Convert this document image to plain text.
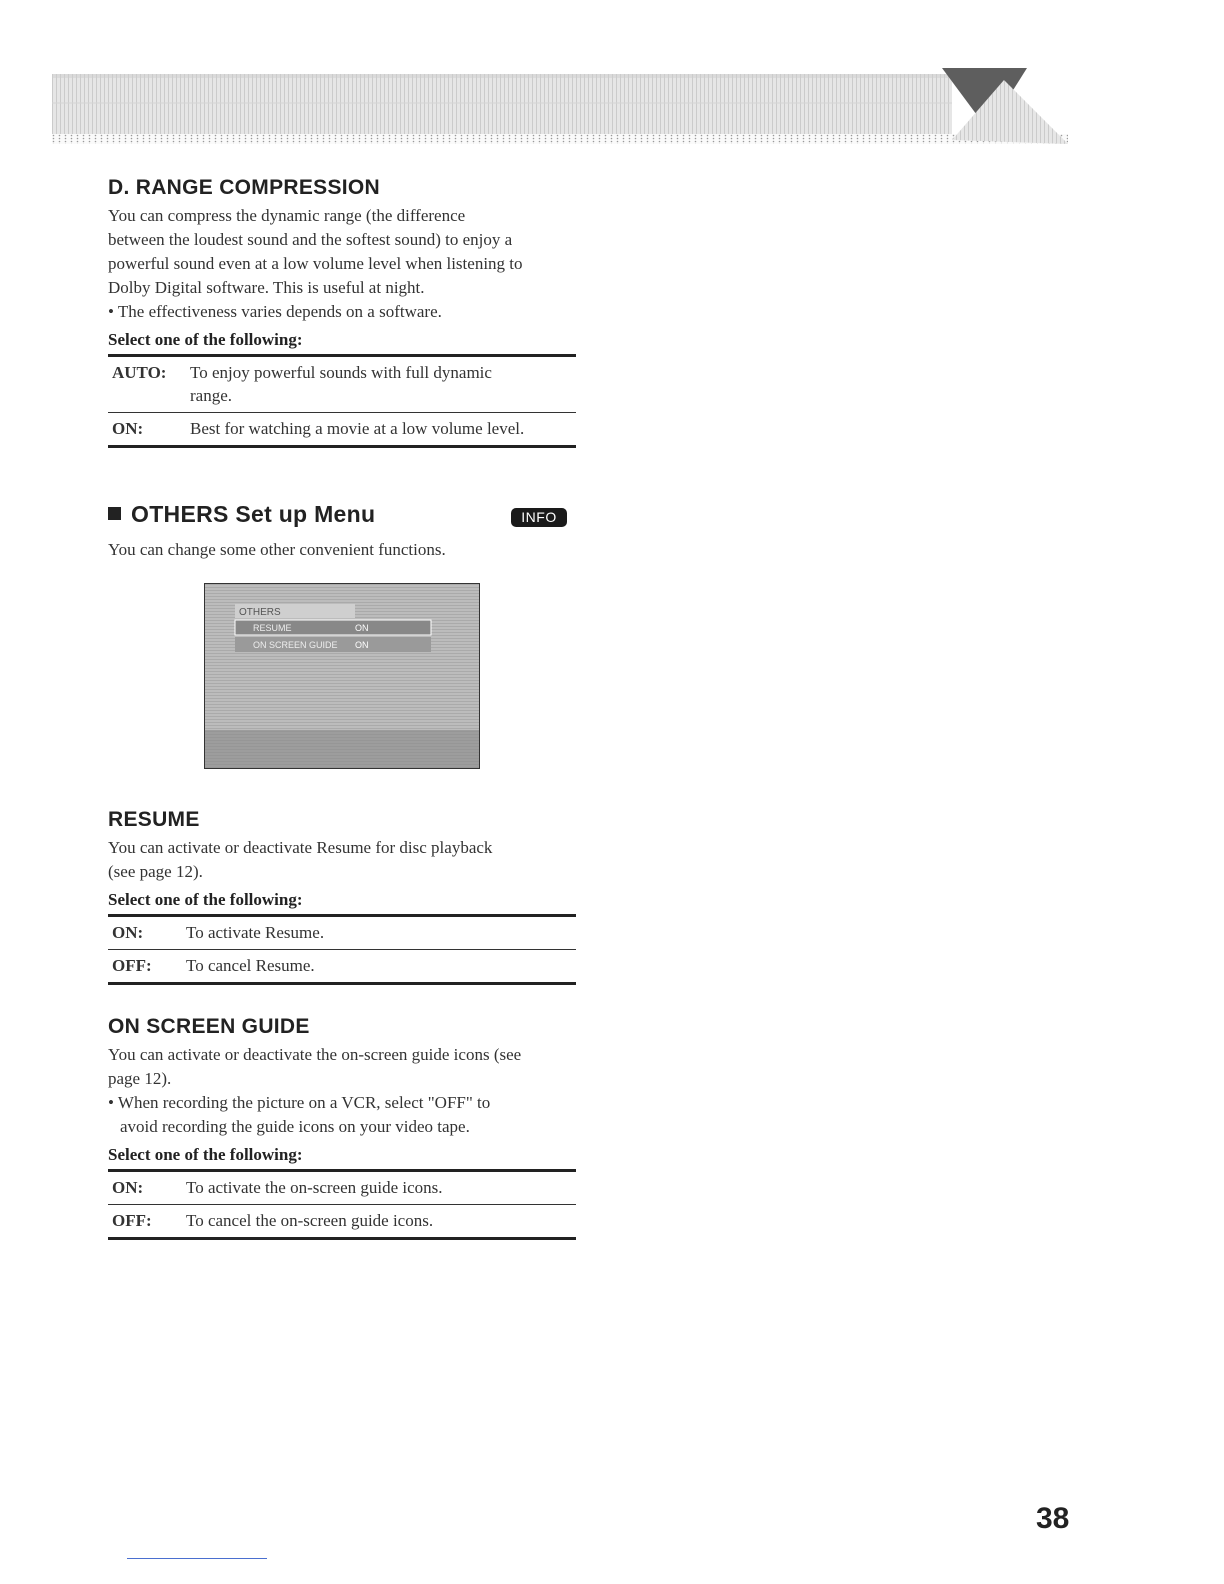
D. RANGE COMPRESSION

You can compress the dynamic range (the difference

between the loudest sound and the softest sound) to enjoy a

powerful sound even at a low volume level when listening to

Dolby Digital software. This is useful at night.

• The effectiveness varies depends on a software.

Select one of the following:

AUTO:	To enjoy powerful sounds with full dynamic
range.

ON:	Best for watching a movie at a low volume level.
OTHERS Set up Menu

You can change some other convenient functions.

INFO
OTHERS
RESUME	ON
ON SCREEN GUIDE ON
RESUME

You can activate or deactivate Resume for disc playback

(see page 12).

Select one of the following:

ON:	To activate Resume.
OFF:	To cancel Resume.
ON SCREEN GUIDE

You can activate or deactivate the on-screen guide icons (see

page 12).

• When recording the picture on a VCR, select "OFF" to

avoid recording the guide icons on your video tape.

Select one of the following:

ON:	To activate the on-screen guide icons.
OFF:	To cancel the on-screen guide icons.
38
